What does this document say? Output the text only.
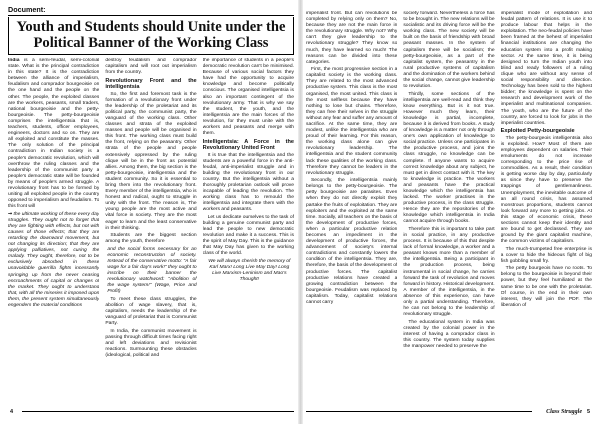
Document:
Youth and Students should Unite under the
Political Banner of the Working Class

India is a semi-feudal, semi-colonial state. What is the principal contradiction in this state? It is the contradiction between the alliance of imperialism, feudalism and comprador bourgeoisie on the one hand and the people on the other. The people, the exploited classes are the workers, peasants, small traders, national bourgeoisie and the petty-bourgeoisie. The petty-bourgeoisie comprises the intelligentsia that is, teachers, students, officer employees, engineers, doctors and so on. They are all exploited and constitute the masses. The only solution of the principal contradiction in Indian society is a people's democratic revolution, which will overthrow the ruling classes and the leadership of the communist party a people's democratic state will be founded by means of people's armed struggle. A revolutionary front has to be formed by uniting all exploited people in the country opposed to imperialism and feudalism. To this front will

➞ the ultimate working of these every day struggles. They ought not to forget that they are fighting with effects, but not with causes of those effects; that they are retarding the downward movement, but not changing its direction; that they are applying palliatives, not curing the malady. They ought, therefore, not to be exclusively absorbed in these unavoidable guerrilla fights incessantly springing up from the never ceasing encroachments of capital or changes of the market. They ought to understand that, with all the miseries it imposed upon them, the present system simultaneously engenders the material conditions

destroy feudalism and comprador capitalism and will root out imperialism from the country.

Revolutionary Front and the intelligentsia

So, the first and foremost task is the formation of a revolutionary front under the leadership of the proletariat and its political party, the communist party, the vanguard of the working class. Other classes and strata of the exploited masses and people will be organised in this front. The working class must build the front, relying on the peasantry. Other strata of the people and people extensively oppressed by the ruling clique will be in the front as potential allies. Among them, the big section is the petty-bourgeoisie, intelligentsia and the student community. So it is essential to bring them into the revolutionary front. Every member of the intelligentsia, who is honest and radical, ought to struggle in unity with the front. The reason is, The young people are the most active and vital force in society. They are the most eager to learn and the least conservative in their thinking.

Students are the biggest section among the youth, therefore

and the social forms necessary for an economic reconstruction of society. Instead of the conservative motto: "A fair wage for a fair day's work!" they ought to inscribe on their banner the revolutionary watchword: "Abolition of the wage system!" (Wage, Price and Profit)

To meet these class struggles, the abolition of wage slavery, that is, capitalism, needs the leadership of the vanguard of proletariat that is Communist Party.

In India, the communist movement is passing through difficult times facing right and left deviations and revisionist reactions. Surmounting these obstacles (ideological, political and

the importance of students in a people's democratic revolution can't be minimised. Because of various social factors they have had the opportunity to acquire knowledge and become politically conscious. The organised intelligentsia is also an important contingent of the revolutionary army. That is why we say the student, the youth, and the intelligentsia are the main forces of the revolution, for they must unite with the workers and peasants and merge with them.

Intelligentsia: A Force in the Revolutionary United Front

It is true that the intelligentsia and the students are a powerful force in the anti-feudal, anti-imperialist struggle and in building the revolutionary front in our country. But the intelligentsia without a thoroughly proletarian outlook will prove incapable of leading the revolution. The working class has to remould the intelligentsia and integrate them with the workers and peasants.

Let us dedicate ourselves to the task of building a genuine communist party and lead the people to new democratic revolution and make it a success. This is the spirit of May Day. This is the guidance that May Day has given to the working class of the world.

We will always cherish the memory of Karl Marx! Long Live May Day! Long Live Marxism-Leninism and Mao's Thought!
4

imperialist front. But can revolutions be completed by relying only on them? No, because they are not the main force in the revolutionary struggle. Why not? Why can't they give leadership to the revolutionary struggle? They know so much, they have learned so much! The reasons can be divided into these categories.

First, the most progressive section in a capitalist society is the working class. They are related to the most advanced productive system. This class is the most organised, the most united. This class is the most selfless because they have nothing to lose but chains. Therefore, they can free their selves in the struggle without any fear and suffer any amount of sacrifice. At the same time, they are modest, unlike the intelligentsia who are proud of their learning. For this reason, the working class alone can give revolutionary leadership. The intelligentsia and the student community lack these qualities of the working class. Therefore they cannot be leaders in the revolutionary struggle.

Secondly, the intelligentsia mainly belongs to the petty-bourgeoisie. The petty bourgeoisie are parasites. Even when they do not directly exploit they partake the fruits of exploitation. They are exploiters and the exploited at the same time. Socially, all teachers on the basis of the development of productive forces, when a particular productive relation becomes an impediment in the development of productive forces, the advancement of society's internal contradictions and constantly lowers the condition of the intelligentsia. They are, therefore, the basis of the development of productive forces. The capitalist productive relations have created a growing contradiction between the bourgeoisie. Feudalism was replaced by capitalism. Today, capitalist relations cannot carry

society forward. Nevertheless a force has to be brought in. The new relations will be socialistic and its driving force will be the working class. The new society will be built on the basis of friendship with broad peasant masses. In the system of capitalism there will be socialism; the petty-bourgeoisie, as a part of the capitalist system, the peasantry in the rural productive systems of capitalism and the domination of the workers behind the social change, cannot give leadership to revolution.

Thirdly, some sections of the intelligentsia are well-read and think they know everything. But is it not true. However much they learn, their knowledge is partial, incomplete, because it is derived from books. A study of knowledge is a matter not only through one's own application of knowledge to social practice. Unless one participates in the productive process, and joins the class struggle, no knowledge can be complete. If anyone wants to acquire correct knowledge about any subject, he must get in direct contact with it. The key to knowledge is practice. The workers and peasants have the practical knowledge which the intelligentsia has lacked. The worker practises in the productive process, in the class struggle. Hence they are the repositories of the knowledge which intelligentsia in India cannot acquire through books.

Therefore this is important to take part in social practice, in any productive process. It is because of this that despite lack of formal knowledge, a worker and a peasant knows more than a member of the intelligentsia. Being a participant in the production process, being instrumental in social change, he carries forward the task of revolution and moves forward in history. Historical development. A member of the intelligentsia, in the absence of this experience, can have only a partial understanding. Therefore, he can not belong to the leadership of revolutionary struggle.

The educational system in India was created by the colonial power in the interest of having a comprador class in this country. The system today supplies the manpower needed to preserve the

imperialist mode of exploitation and feudal pattern of relations. It is use it to produce labour that helps in the exploitation. The neo-feudal policies have been framed at the behest of imperialist financial institutions are changing the education system into a profit making sector. At the same time, it is being designed to turn the Indian youth into blind and ready followers of a ruling clique who are without any sense of social responsibility and direction. Technology has been sold to the highest bidder; the knowledge is spent on the research and development work of the imperialist and multinational companies. The youth, who are the future of the country, are forced to look for jobs in the imperialist countries.

Exploited Petty-bourgeoisie

The petty-bourgeois intelligentsia also is exploited. How? Most of them are employees dependent on salaries. Their emoluments do not increase corresponding to the price rise of commodities. As a result, their condition is getting worse day by day, particularly as since they have to preserve the trappings of gentlemanliness. Unemployment, the inevitable outcome of an all round crisis, has assumed monstrous proportions, students cannot look forward any more to getting jobs. At this stage of economic crisis, these sections cannot keep their identity and are bound to get declassed. They are ground by the giant capitalist machine, the common victims of capitalism.

The much-trumpeted free enterprise is a cover to hide the hideous fight of big fish gobbling small fry.

The petty bourgeois have no roots. To belong to the bourgeoisie is beyond their power, but they feel humiliated at the same time to be one with the proletariat. Of course, in the end in their own interest, they will join the PDF. The liberation of

Class Struggle 5
